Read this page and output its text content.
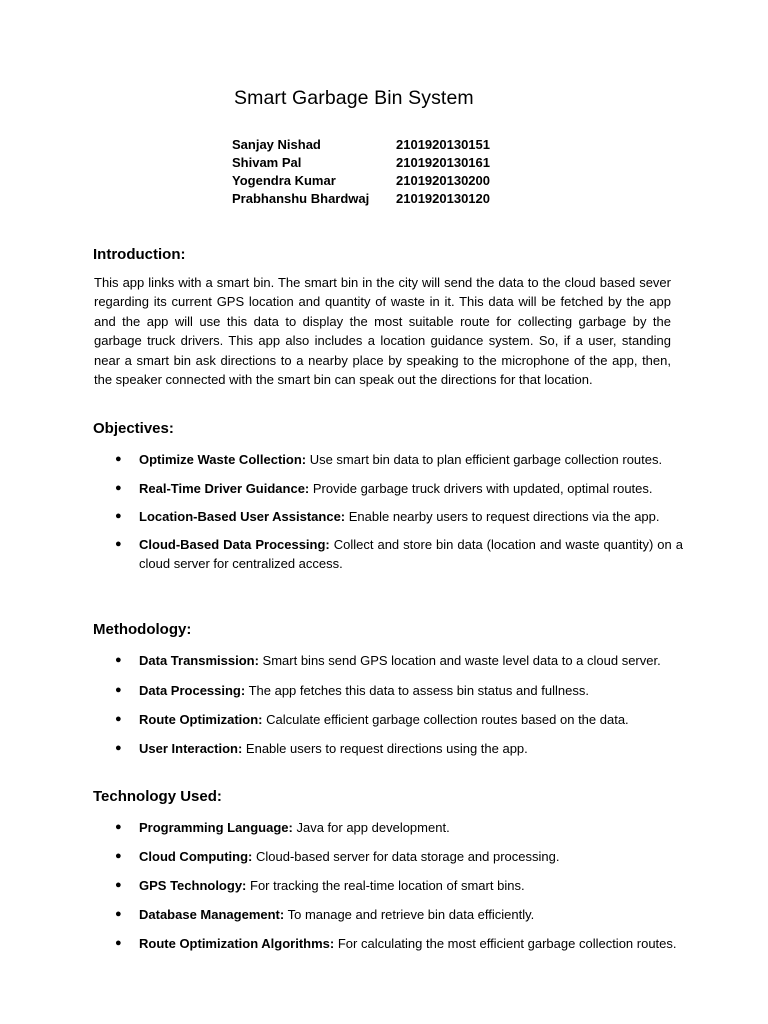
Smart Garbage Bin System
Sanjay Nishad	2101920130151
Shivam Pal	2101920130161
Yogendra Kumar	2101920130200
Prabhanshu Bhardwaj	2101920130120
Introduction:
This app links with a smart bin. The smart bin in the city will send the data to the cloud based sever regarding its current GPS location and quantity of waste in it. This data will be fetched by the app and the app will use this data to display the most suitable route for collecting garbage by the garbage truck drivers. This app also includes a location guidance system. So, if a user, standing near a smart bin ask directions to a nearby place by speaking to the microphone of the app, then, the speaker connected with the smart bin can speak out the directions for that location.
Objectives:
● Optimize Waste Collection: Use smart bin data to plan efficient garbage collection routes.
● Real-Time Driver Guidance: Provide garbage truck drivers with updated, optimal routes.
● Location-Based User Assistance: Enable nearby users to request directions via the app.
● Cloud-Based Data Processing: Collect and store bin data (location and waste quantity) on a cloud server for centralized access.
Methodology:
● Data Transmission: Smart bins send GPS location and waste level data to a cloud server.
● Data Processing: The app fetches this data to assess bin status and fullness.
● Route Optimization: Calculate efficient garbage collection routes based on the data.
● User Interaction: Enable users to request directions using the app.
Technology Used:
● Programming Language: Java for app development.
● Cloud Computing: Cloud-based server for data storage and processing.
● GPS Technology: For tracking the real-time location of smart bins.
● Database Management: To manage and retrieve bin data efficiently.
● Route Optimization Algorithms: For calculating the most efficient garbage collection routes.
